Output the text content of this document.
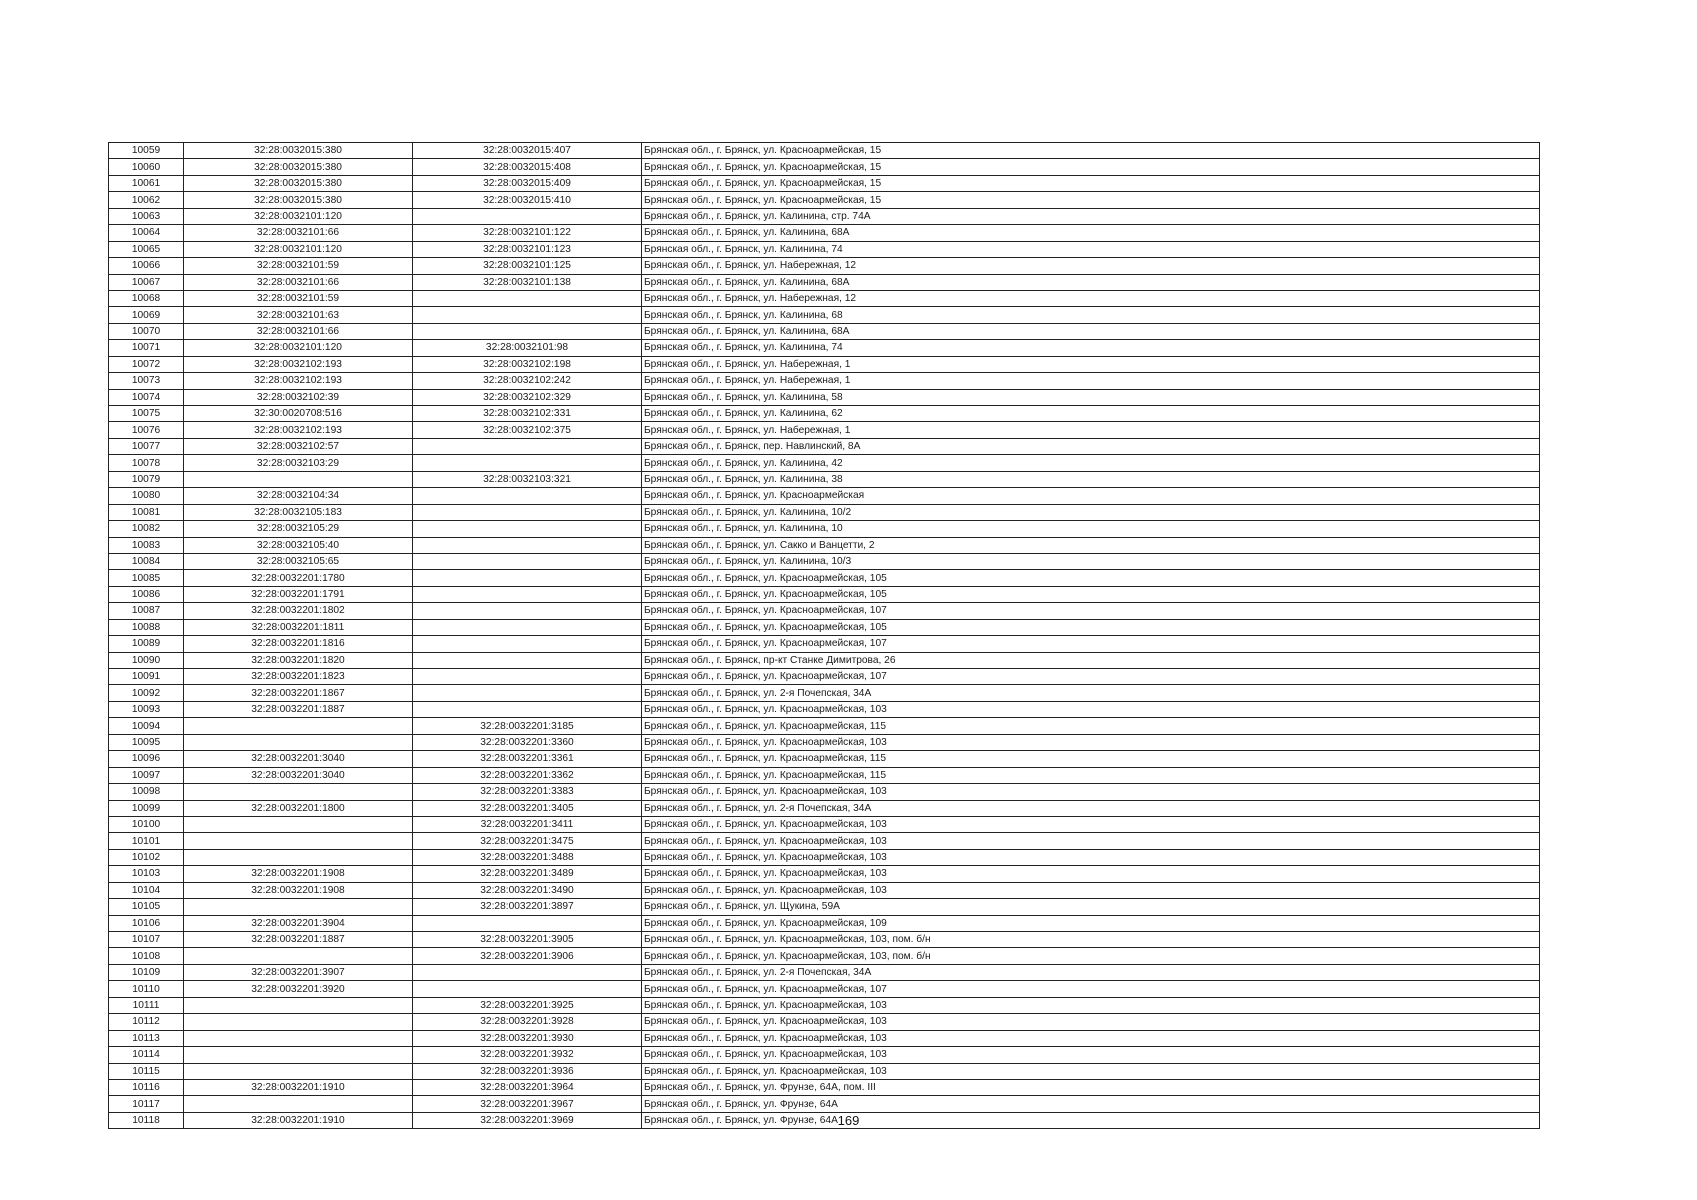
10059	32:28:0032015:380	32:28:0032015:407	Брянская обл., г. Брянск, ул. Красноармейская, 15
10060	32:28:0032015:380	32:28:0032015:408	Брянская обл., г. Брянск, ул. Красноармейская, 15
10061	32:28:0032015:380	32:28:0032015:409	Брянская обл., г. Брянск, ул. Красноармейская, 15
10062	32:28:0032015:380	32:28:0032015:410	Брянская обл., г. Брянск, ул. Красноармейская, 15
10063	32:28:0032101:120		Брянская обл., г. Брянск, ул. Калинина, стр. 74А
10064	32:28:0032101:66	32:28:0032101:122	Брянская обл., г. Брянск, ул. Калинина, 68А
10065	32:28:0032101:120	32:28:0032101:123	Брянская обл., г. Брянск, ул. Калинина, 74
10066	32:28:0032101:59	32:28:0032101:125	Брянская обл., г. Брянск, ул. Набережная, 12
10067	32:28:0032101:66	32:28:0032101:138	Брянская обл., г. Брянск, ул. Калинина, 68А
10068	32:28:0032101:59		Брянская обл., г. Брянск, ул. Набережная, 12
10069	32:28:0032101:63		Брянская обл., г. Брянск, ул. Калинина, 68
10070	32:28:0032101:66		Брянская обл., г. Брянск, ул. Калинина, 68А
10071	32:28:0032101:120	32:28:0032101:98	Брянская обл., г. Брянск, ул. Калинина, 74
10072	32:28:0032102:193	32:28:0032102:198	Брянская обл., г. Брянск, ул. Набережная, 1
10073	32:28:0032102:193	32:28:0032102:242	Брянская обл., г. Брянск, ул. Набережная, 1
10074	32:28:0032102:39	32:28:0032102:329	Брянская обл., г. Брянск, ул. Калинина, 58
10075	32:30:0020708:516	32:28:0032102:331	Брянская обл., г. Брянск, ул. Калинина, 62
10076	32:28:0032102:193	32:28:0032102:375	Брянская обл., г. Брянск, ул. Набережная, 1
10077	32:28:0032102:57		Брянская обл., г. Брянск, пер. Навлинский, 8А
10078	32:28:0032103:29		Брянская обл., г. Брянск, ул. Калинина, 42
10079		32:28:0032103:321	Брянская обл., г. Брянск, ул. Калинина, 38
10080	32:28:0032104:34		Брянская обл., г. Брянск, ул. Красноармейская
10081	32:28:0032105:183		Брянская обл., г. Брянск, ул. Калинина, 10/2
10082	32:28:0032105:29		Брянская обл., г. Брянск, ул. Калинина, 10
10083	32:28:0032105:40		Брянская обл., г. Брянск, ул. Сакко и Ванцетти, 2
10084	32:28:0032105:65		Брянская обл., г. Брянск, ул. Калинина, 10/3
10085	32:28:0032201:1780		Брянская обл., г. Брянск, ул. Красноармейская, 105
10086	32:28:0032201:1791		Брянская обл., г. Брянск, ул. Красноармейская, 105
10087	32:28:0032201:1802		Брянская обл., г. Брянск, ул. Красноармейская, 107
10088	32:28:0032201:1811		Брянская обл., г. Брянск, ул. Красноармейская, 105
10089	32:28:0032201:1816		Брянская обл., г. Брянск, ул. Красноармейская, 107
10090	32:28:0032201:1820		Брянская обл., г. Брянск, пр-кт Станке Димитрова, 26
10091	32:28:0032201:1823		Брянская обл., г. Брянск, ул. Красноармейская, 107
10092	32:28:0032201:1867		Брянская обл., г. Брянск, ул. 2-я Почепская, 34А
10093	32:28:0032201:1887		Брянская обл., г. Брянск, ул. Красноармейская, 103
10094		32:28:0032201:3185	Брянская обл., г. Брянск, ул. Красноармейская, 115
10095		32:28:0032201:3360	Брянская обл., г. Брянск, ул. Красноармейская, 103
10096	32:28:0032201:3040	32:28:0032201:3361	Брянская обл., г. Брянск, ул. Красноармейская, 115
10097	32:28:0032201:3040	32:28:0032201:3362	Брянская обл., г. Брянск, ул. Красноармейская, 115
10098		32:28:0032201:3383	Брянская обл., г. Брянск, ул. Красноармейская, 103
10099	32:28:0032201:1800	32:28:0032201:3405	Брянская обл., г. Брянск, ул. 2-я Почепская, 34А
10100		32:28:0032201:3411	Брянская обл., г. Брянск, ул. Красноармейская, 103
10101		32:28:0032201:3475	Брянская обл., г. Брянск, ул. Красноармейская, 103
10102		32:28:0032201:3488	Брянская обл., г. Брянск, ул. Красноармейская, 103
10103	32:28:0032201:1908	32:28:0032201:3489	Брянская обл., г. Брянск, ул. Красноармейская, 103
10104	32:28:0032201:1908	32:28:0032201:3490	Брянская обл., г. Брянск, ул. Красноармейская, 103
10105		32:28:0032201:3897	Брянская обл., г. Брянск, ул. Щукина, 59А
10106	32:28:0032201:3904		Брянская обл., г. Брянск, ул. Красноармейская, 109
10107	32:28:0032201:1887	32:28:0032201:3905	Брянская обл., г. Брянск, ул. Красноармейская, 103, пом. б/н
10108		32:28:0032201:3906	Брянская обл., г. Брянск, ул. Красноармейская, 103, пом. б/н
10109	32:28:0032201:3907		Брянская обл., г. Брянск, ул. 2-я Почепская, 34А
10110	32:28:0032201:3920		Брянская обл., г. Брянск, ул. Красноармейская, 107
10111		32:28:0032201:3925	Брянская обл., г. Брянск, ул. Красноармейская, 103
10112		32:28:0032201:3928	Брянская обл., г. Брянск, ул. Красноармейская, 103
10113		32:28:0032201:3930	Брянская обл., г. Брянск, ул. Красноармейская, 103
10114		32:28:0032201:3932	Брянская обл., г. Брянск, ул. Красноармейская, 103
10115		32:28:0032201:3936	Брянская обл., г. Брянск, ул. Красноармейская, 103
10116	32:28:0032201:1910	32:28:0032201:3964	Брянская обл., г. Брянск, ул. Фрунзе, 64А, пом. III
10117		32:28:0032201:3967	Брянская обл., г. Брянск, ул. Фрунзе, 64А
10118	32:28:0032201:1910	32:28:0032201:3969	Брянская обл., г. Брянск, ул. Фрунзе, 64А 169
